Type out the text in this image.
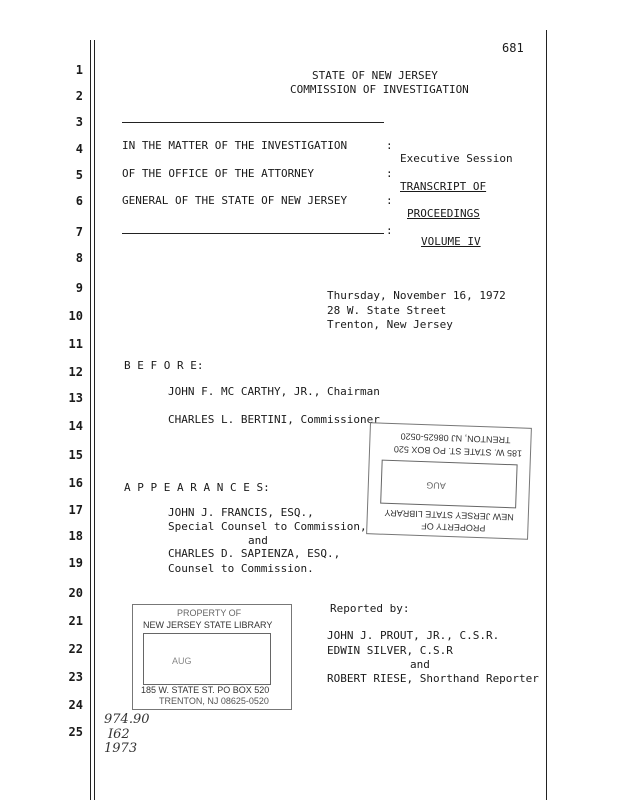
681
1
2
3
4
5
6
7
8
9
10
11
12
13
14
15
16
17
18
19
20
21
22
23
24
25
STATE OF NEW JERSEY
COMMISSION OF INVESTIGATION
IN THE MATTER OF THE INVESTIGATION
OF THE OFFICE OF THE ATTORNEY
GENERAL OF THE STATE OF NEW JERSEY
:
:
:
:
Executive Session
TRANSCRIPT OF
PROCEEDINGS
VOLUME IV
Thursday, November 16, 1972
28 W. State Street
Trenton, New Jersey
B E F O R E:
JOHN F. MC CARTHY, JR., Chairman
CHARLES L. BERTINI, Commissioner
A P P E A R A N C E S:
JOHN J. FRANCIS, ESQ.,
Special Counsel to Commission,
and
CHARLES D. SAPIENZA, ESQ.,
Counsel to Commission.
Reported by:
JOHN J. PROUT, JR., C.S.R.
EDWIN SILVER, C.S.R
and
ROBERT RIESE, Shorthand Reporter
PROPERTY OF
NEW JERSEY STATE LIBRARY
AUG
185 W. STATE ST. PO BOX 520
TRENTON, NJ 08625-0520
PROPERTY OF
NEW JERSEY STATE LIBRARY
AUG
185 W. STATE ST. PO BOX 520
TRENTON, NJ 08625-0520
974.90
I62
1973
